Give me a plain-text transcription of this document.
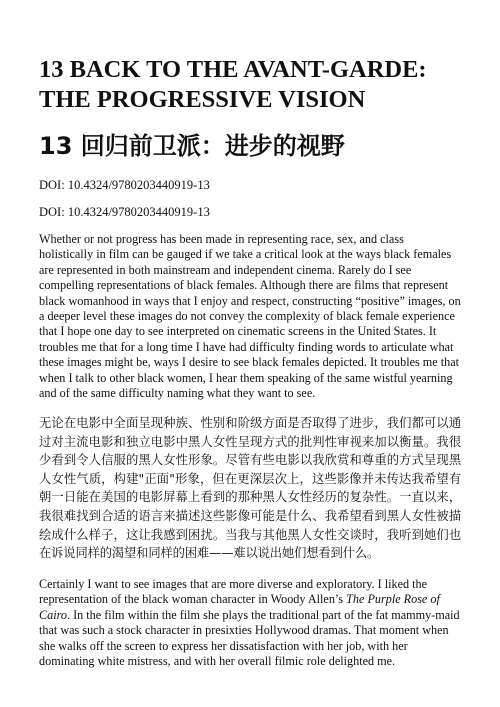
13 BACK TO THE AVANT-GARDE: THE PROGRESSIVE VISION
13 回归前卫派：进步的视野

DOI: 10.4324/9780203440919-13

DOI: 10.4324/9780203440919-13

Whether or not progress has been made in representing race, sex, and class holistically in film can be gauged if we take a critical look at the ways black females are represented in both mainstream and independent cinema. Rarely do I see compelling representations of black females. Although there are films that represent black womanhood in ways that I enjoy and respect, constructing “positive” images, on a deeper level these images do not convey the complexity of black female experience that I hope one day to see interpreted on cinematic screens in the United States. It troubles me that for a long time I have had difficulty finding words to articulate what these images might be, ways I desire to see black females depicted. It troubles me that when I talk to other black women, I hear them speaking of the same wistful yearning and of the same difficulty naming what they want to see.

无论在电影中全面呈现种族、性别和阶级方面是否取得了进步，我们都可以通过对主流电影和独立电影中黑人女性呈现方式的批判性审视来加以衡量。我很少看到令人信服的黑人女性形象。尽管有些电影以我欣赏和尊重的方式呈现黑人女性气质，构建"正面"形象，但在更深层次上，这些影像并未传达我希望有朝一日能在美国的电影屏幕上看到的那种黑人女性经历的复杂性。一直以来，我很难找到合适的语言来描述这些影像可能是什么、我希望看到黑人女性被描绘成什么样子，这让我感到困扰。当我与其他黑人女性交谈时，我听到她们也在诉说同样的渴望和同样的困难——难以说出她们想看到什么。

Certainly I want to see images that are more diverse and exploratory. I liked the representation of the black woman character in Woody Allen’s The Purple Rose of Cairo. In the film within the film she plays the traditional part of the fat mammy-maid that was such a stock character in presixties Hollywood dramas. That moment when she walks off the screen to express her dissatisfaction with her job, with her dominating white mistress, and with her overall filmic role delighted me.
